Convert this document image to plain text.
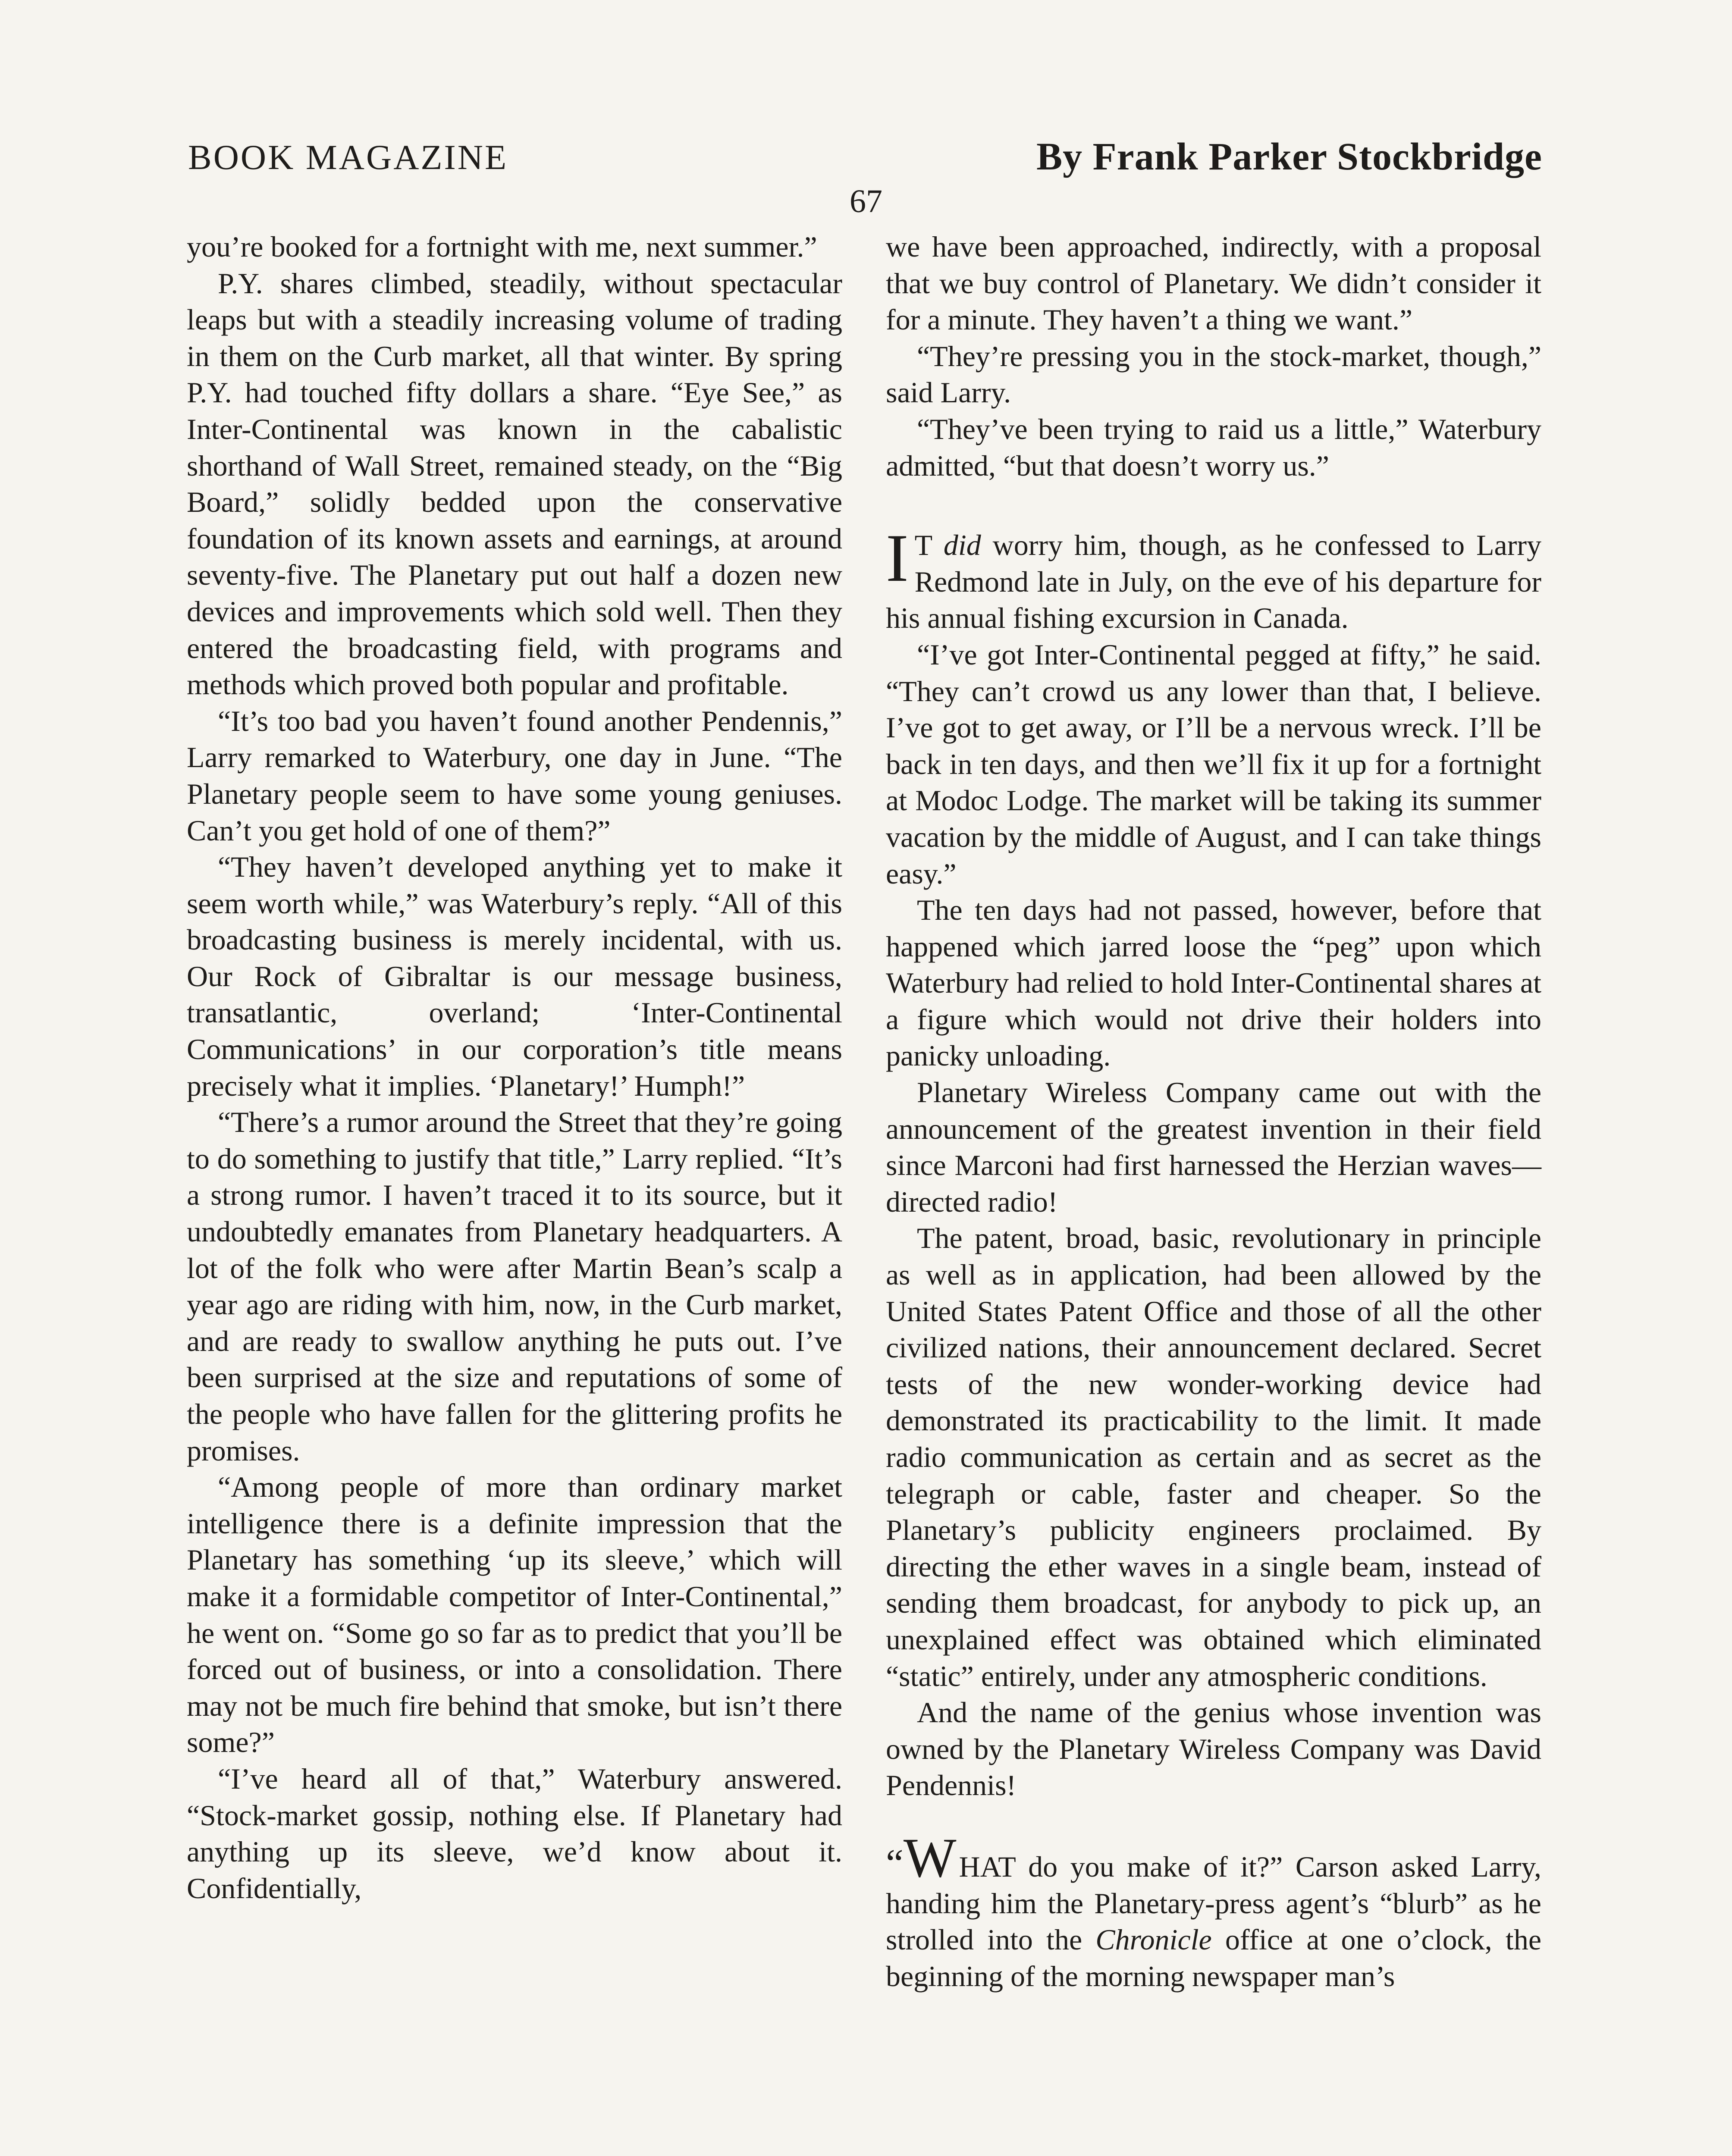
BOOK MAGAZINE	By Frank Parker Stockbridge
67

you’re booked for a fortnight with me, next summer.”

P.Y. shares climbed, steadily, without spectacular leaps but with a steadily increasing volume of trading in them on the Curb market, all that winter. By spring P.Y. had touched fifty dollars a share. “Eye See,” as Inter-Continental was known in the cabalistic shorthand of Wall Street, remained steady, on the “Big Board,” solidly bedded upon the conservative foundation of its known assets and earnings, at around seventy-five. The Planetary put out half a dozen new devices and improvements which sold well. Then they entered the broadcasting field, with programs and methods which proved both popular and profitable.

“It’s too bad you haven’t found another Pendennis,” Larry remarked to Waterbury, one day in June. “The Planetary people seem to have some young geniuses. Can’t you get hold of one of them?”

“They haven’t developed anything yet to make it seem worth while,” was Waterbury’s reply. “All of this broadcasting business is merely incidental, with us. Our Rock of Gibraltar is our message business, transatlantic, overland; ‘Inter-Continental Communications’ in our corporation’s title means precisely what it implies. ‘Planetary!’ Humph!”

“There’s a rumor around the Street that they’re going to do something to justify that title,” Larry replied. “It’s a strong rumor. I haven’t traced it to its source, but it undoubtedly emanates from Planetary headquarters. A lot of the folk who were after Martin Bean’s scalp a year ago are riding with him, now, in the Curb market, and are ready to swallow anything he puts out. I’ve been surprised at the size and reputations of some of the people who have fallen for the glittering profits he promises.

“Among people of more than ordinary market intelligence there is a definite impression that the Planetary has something ‘up its sleeve,’ which will make it a formidable competitor of Inter-Continental,” he went on. “Some go so far as to predict that you’ll be forced out of business, or into a consolidation. There may not be much fire behind that smoke, but isn’t there some?”

“I’ve heard all of that,” Waterbury answered. “Stock-market gossip, nothing else. If Planetary had anything up its sleeve, we’d know about it. Confidentially,

we have been approached, indirectly, with a proposal that we buy control of Planetary. We didn’t consider it for a minute. They haven’t a thing we want.”

“They’re pressing you in the stock-market, though,” said Larry.

“They’ve been trying to raid us a little,” Waterbury admitted, “but that doesn’t worry us.”

I T did worry him, though, as he confessed to Larry Redmond late in July, on the eve of his departure for his annual fishing excursion in Canada.

“I’ve got Inter-Continental pegged at fifty,” he said. “They can’t crowd us any lower than that, I believe. I’ve got to get away, or I’ll be a nervous wreck. I’ll be back in ten days, and then we’ll fix it up for a fortnight at Modoc Lodge. The market will be taking its summer vacation by the middle of August, and I can take things easy.”

The ten days had not passed, however, before that happened which jarred loose the “peg” upon which Waterbury had relied to hold Inter-Continental shares at a figure which would not drive their holders into panicky unloading.

Planetary Wireless Company came out with the announcement of the greatest invention in their field since Marconi had first harnessed the Herzian waves—directed radio!

The patent, broad, basic, revolutionary in principle as well as in application, had been allowed by the United States Patent Office and those of all the other civilized nations, their announcement declared. Secret tests of the new wonder-working device had demonstrated its practicability to the limit. It made radio communication as certain and as secret as the telegraph or cable, faster and cheaper. So the Planetary’s publicity engineers proclaimed. By directing the ether waves in a single beam, instead of sending them broadcast, for anybody to pick up, an unexplained effect was obtained which eliminated “static” entirely, under any atmospheric conditions.

And the name of the genius whose invention was owned by the Planetary Wireless Company was David Pendennis!

“WHAT do you make of it?” Carson asked Larry, handing him the Planetary-press agent’s “blurb” as he strolled into the Chronicle office at one o’clock, the beginning of the morning newspaper man’s
